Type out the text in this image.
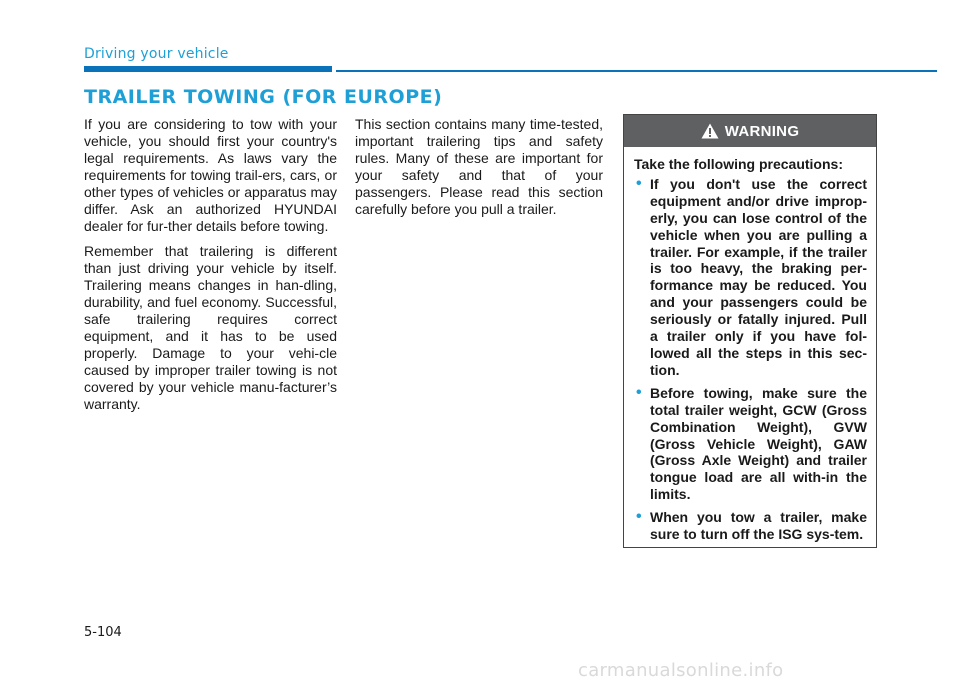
Driving your vehicle
TRAILER TOWING (FOR EUROPE)

If you are considering to tow with your vehicle, you should first your country's legal requirements. As laws vary the requirements for towing trail-ers, cars, or other types of vehicles or apparatus may differ. Ask an authorized HYUNDAI dealer for fur-ther details before towing.

Remember that trailering is different than just driving your vehicle by itself. Trailering means changes in han-dling, durability, and fuel economy. Successful, safe trailering requires correct equipment, and it has to be used properly. Damage to your vehi-cle caused by improper trailer towing is not covered by your vehicle manu-facturer’s warranty.

This section contains many time-tested, important trailering tips and safety rules. Many of these are important for your safety and that of your passengers. Please read this section carefully before you pull a trailer.

WARNING
Take the following precautions:
• If you don't use the correct equipment and/or drive improp-erly, you can lose control of the vehicle when you are pulling a trailer. For example, if the trailer is too heavy, the braking per-formance may be reduced. You and your passengers could be seriously or fatally injured. Pull a trailer only if you have fol-lowed all the steps in this sec-tion.
• Before towing, make sure the total trailer weight, GCW (Gross Combination Weight), GVW (Gross Vehicle Weight), GAW (Gross Axle Weight) and trailer tongue load are all with-in the limits.
• When you tow a trailer, make sure to turn off the ISG sys-tem.
5-104
carmanualsonline.info
